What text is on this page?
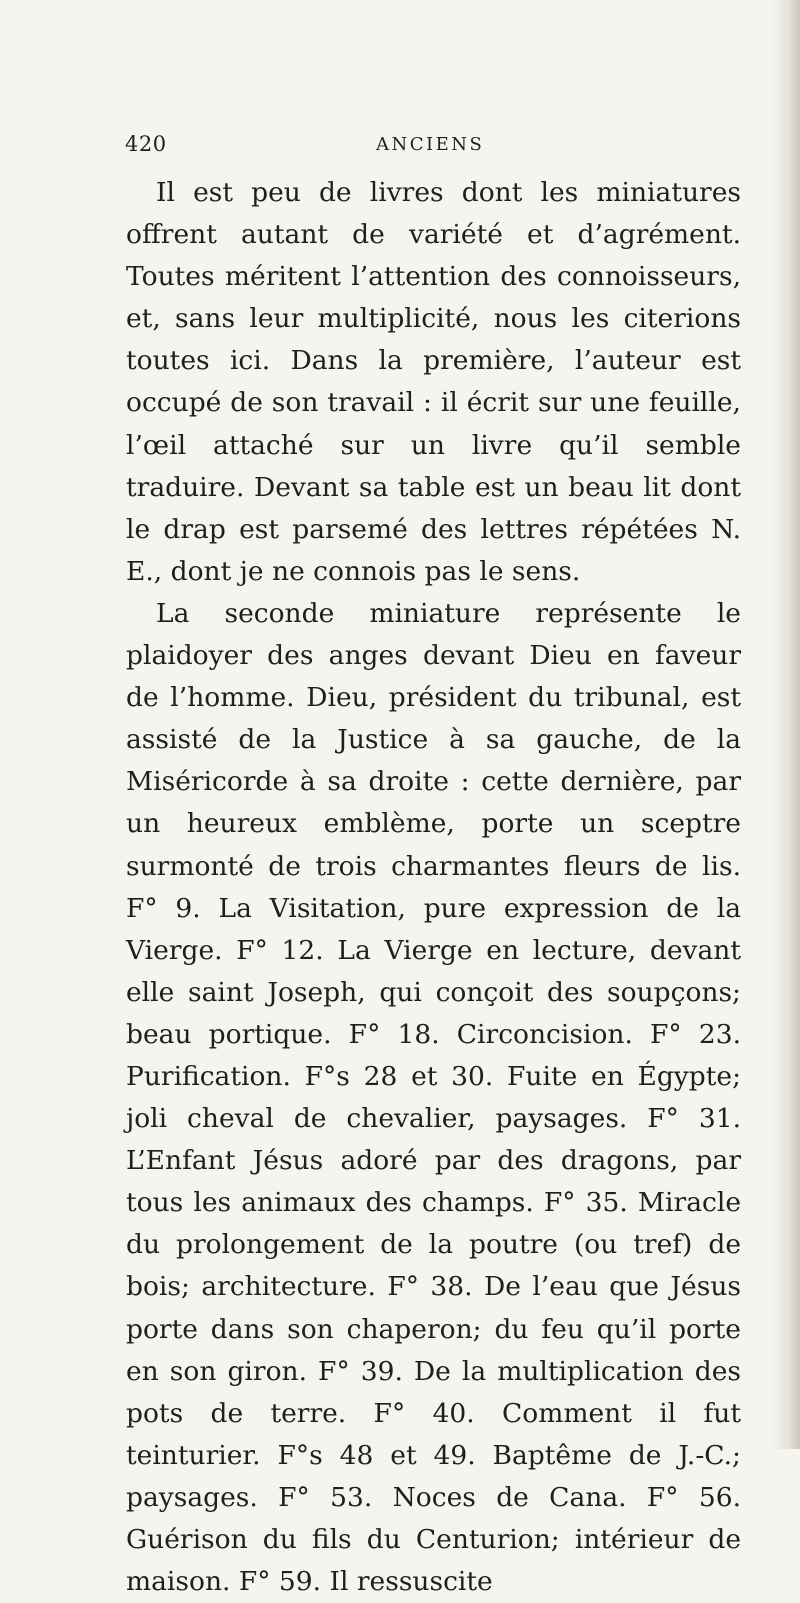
420	ANCIENS

Il est peu de livres dont les miniatures offrent autant de variété et d’agrément. Toutes méritent l’attention des connoisseurs, et, sans leur multiplicité, nous les citerions toutes ici. Dans la première, l’auteur est occupé de son travail : il écrit sur une feuille, l’œil attaché sur un livre qu’il semble traduire. Devant sa table est un beau lit dont le drap est parsemé des lettres répétées N. E., dont je ne connois pas le sens.

La seconde miniature représente le plaidoyer des anges devant Dieu en faveur de l’homme. Dieu, président du tribunal, est assisté de la Justice à sa gauche, de la Miséricorde à sa droite : cette dernière, par un heureux emblème, porte un sceptre surmonté de trois charmantes fleurs de lis. F° 9. La Visitation, pure expression de la Vierge. F° 12. La Vierge en lecture, devant elle saint Joseph, qui conçoit des soupçons; beau portique. F° 18. Circoncision. F° 23. Purification. F°s 28 et 30. Fuite en Égypte; joli cheval de chevalier, paysages. F° 31. L’Enfant Jésus adoré par des dragons, par tous les animaux des champs. F° 35. Miracle du prolongement de la poutre (ou tref) de bois; architecture. F° 38. De l’eau que Jésus porte dans son chaperon; du feu qu’il porte en son giron. F° 39. De la multiplication des pots de terre. F° 40. Comment il fut teinturier. F°s 48 et 49. Baptême de J.-C.; paysages. F° 53. Noces de Cana. F° 56. Guérison du fils du Centurion; intérieur de maison. F° 59. Il ressuscite
